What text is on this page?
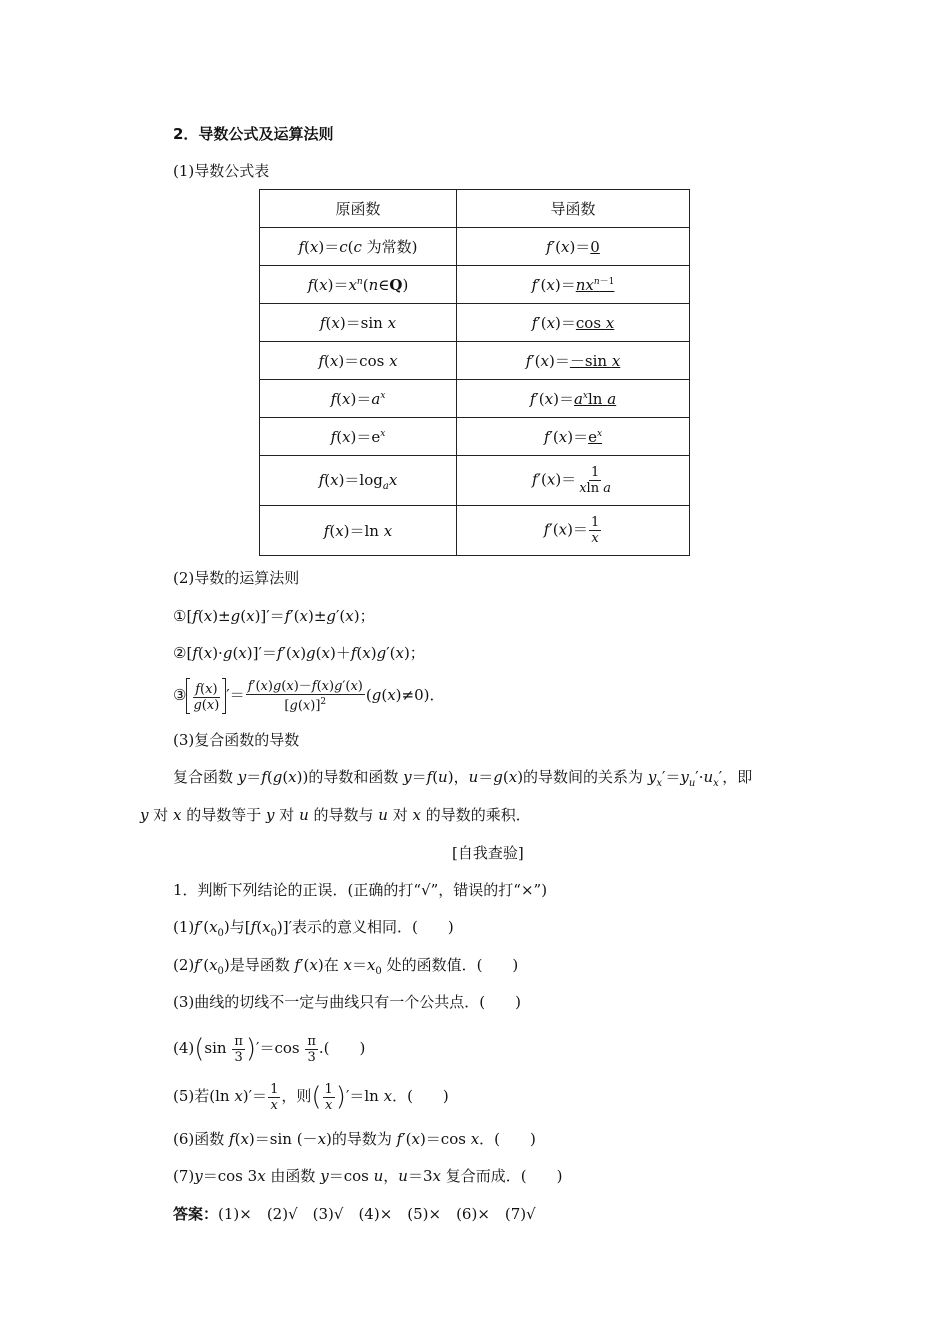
2．导数公式及运算法则
(1)导数公式表
原函数	导函数
f(x)＝c(c 为常数)	f′(x)＝0
$f(x)=x^n(n\in Q)$	$f'(x)=nx^{n-1}$
f(x)＝sin x	f′(x)＝cos x
f(x)＝cos x	f′(x)＝－sin x
$f(x)=a^x$	$f'(x)=a^x\ln$ a
$f(x)=e^x$	$f'(x)=e^x$
$f(x)=\log_ax$	$f'(x)= \frac{1}{\text{xln a}}$

f(x)＝ln x	$f'(x)= \frac{1}{x}$
(2)导数的运算法则
①[f(x)±g(x)]′＝f′(x)±g′(x)；
②[f(x)·g(x)]′＝f′(x)g(x)＋f(x)g′(x)；
③ $\frac{f(x)}{g(x)}$ ′＝ $\frac{f'(x)g(x)-f(x)g'(x)}{[g(x)]^2} (g(x)\ne 0)$．
(3)复合函数的导数
复合函数 y＝f(g(x))的导数和函数 y＝f(u)，u＝g(x)的导数间的关系为 $y_x'=y_u'\cdot u_x'$，即
y 对 x 的导数等于 y 对 u 的导数与 u 对 x 的导数的乘积．
[自我查验]
1．判断下列结论的正误．(正确的打“√”，错误的打“×”)
$(1)f'(x_0)$与$[f(x_0)]'$表示的意义相同．(　　)
$(2)f'(x_0)$是导函数 f′(x)在 $x=x_0$ 处的函数值．(　　)
(3)曲线的切线不一定与曲线只有一个公共点．(　　)
$(4)(\sin \frac{\pi}{3} )'=\cos \frac{\pi}{3}$ .(　　)
(5)若(ln $x)'= \frac{1}{x}$ ，则( $\frac{1}{x} )'=\ln$ x．(　　)
(6)函数 f(x)＝sin (－x)的导数为 f′(x)＝cos x．(　　)
(7)y＝cos 3x 由函数 y＝cos u，u＝3x 复合而成．(　　)
答案：(1)×　(2)√　(3)√　(4)×　(5)×　(6)×　(7)√
